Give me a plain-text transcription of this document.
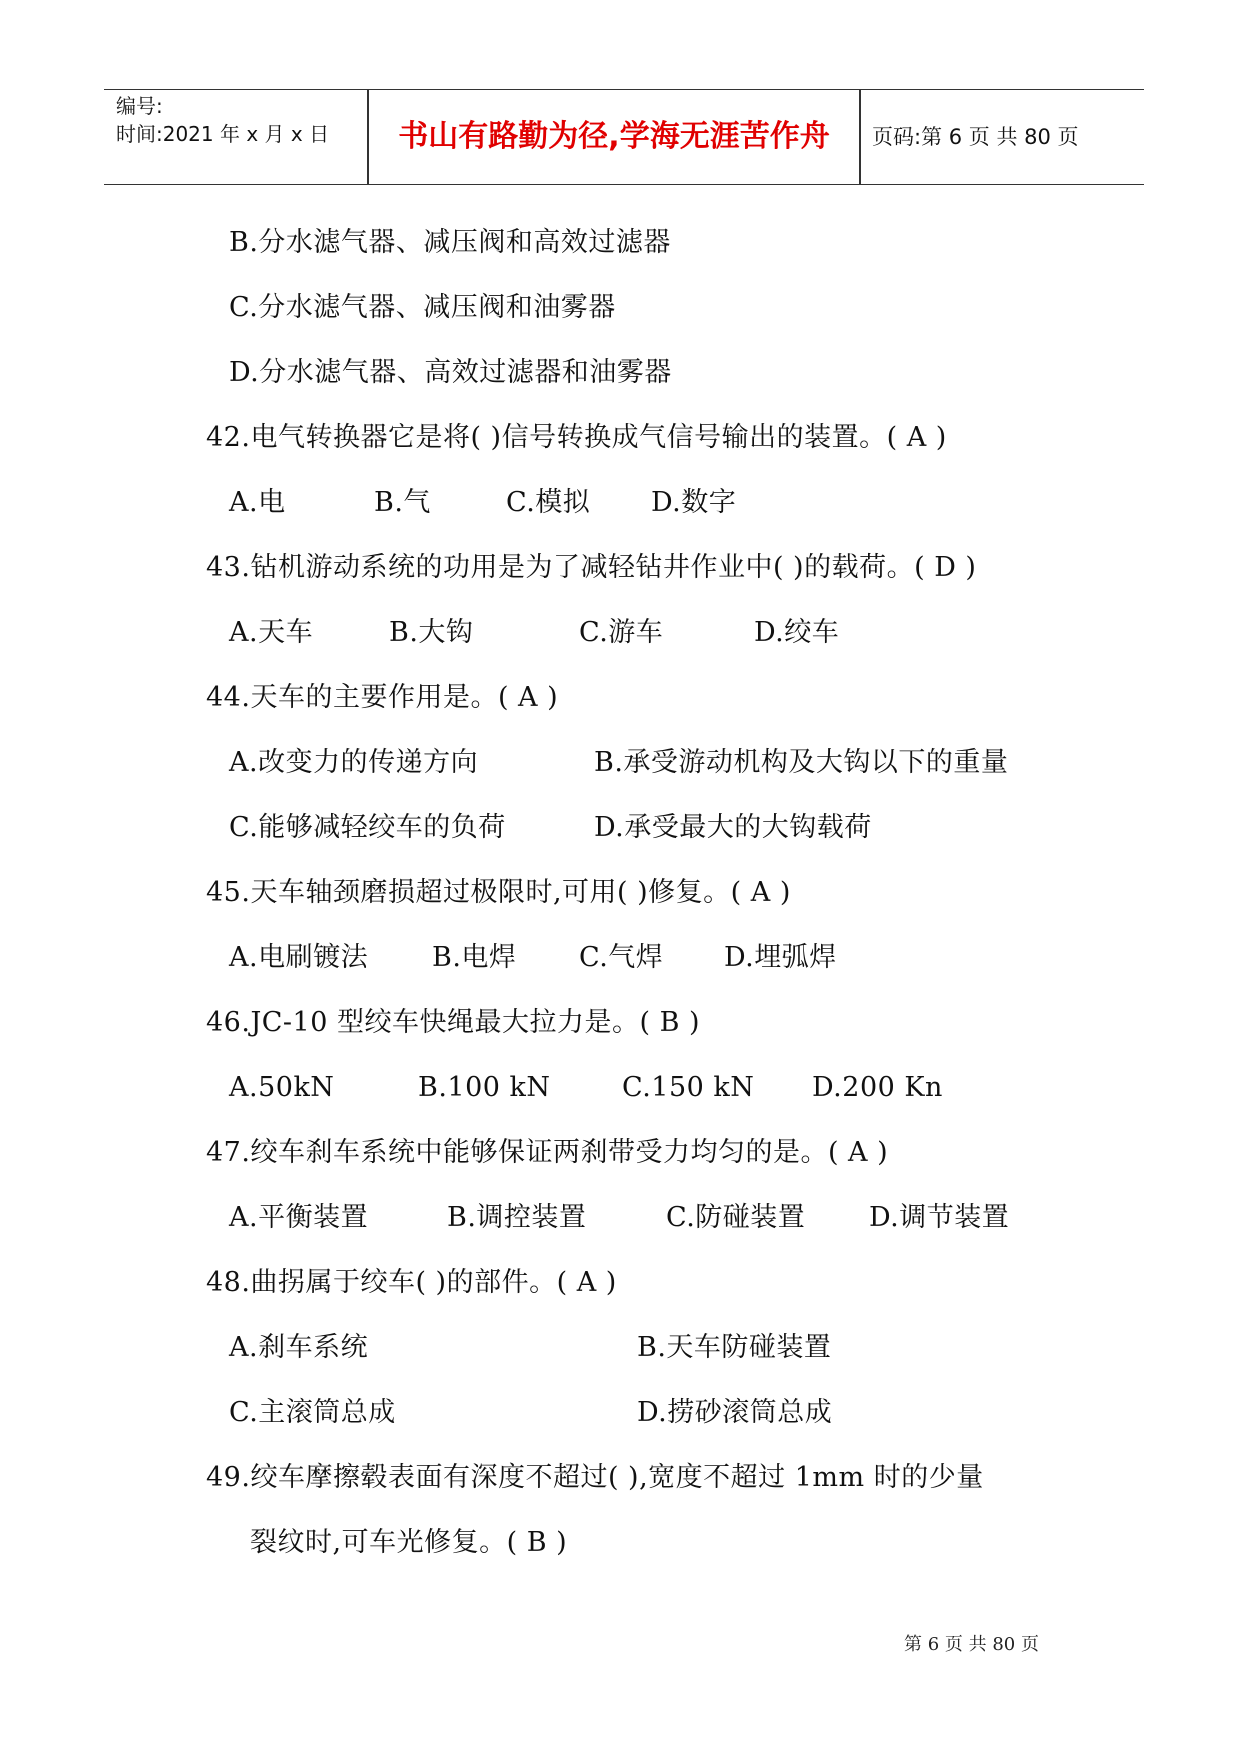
编号:
时间:2021 年 x 月 x 日	书山有路勤为径,学海无涯苦作舟	页码:第 6 页 共 80 页
B.分水滤气器、减压阀和高效过滤器
C.分水滤气器、减压阀和油雾器
D.分水滤气器、高效过滤器和油雾器
42.电气转换器它是将( )信号转换成气信号输出的装置。( A )
A.电	B.气	C.模拟 D.数字
43.钻机游动系统的功用是为了减轻钻井作业中( )的载荷。( D )
A.天车	B.大钩	C.游车	D.绞车
44.天车的主要作用是。( A )
A.改变力的传递方向	B.承受游动机构及大钩以下的重量
C.能够减轻绞车的负荷	D.承受最大的大钩载荷
45.天车轴颈磨损超过极限时,可用( )修复。( A )
A.电刷镀法 B.电焊 C.气焊 D.埋弧焊
46.JC-10 型绞车快绳最大拉力是。( B )
A.50kN	B.100 kN	C.150 kN D.200 Kn
47.绞车刹车系统中能够保证两刹带受力均匀的是。( A )
A.平衡装置	B.调控装置	C.防碰装置 D.调节装置
48.曲拐属于绞车( )的部件。( A )
A.刹车系统	B.天车防碰装置
C.主滚筒总成	D.捞砂滚筒总成
49.绞车摩擦毂表面有深度不超过( ),宽度不超过 1mm 时的少量
裂纹时,可车光修复。( B )
第 6 页 共 80 页
